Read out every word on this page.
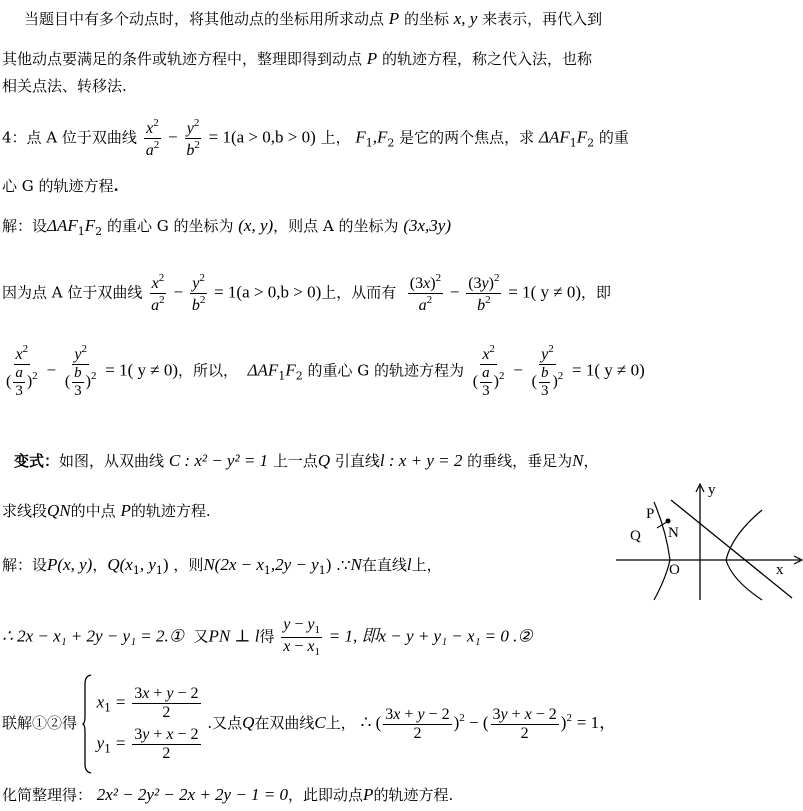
当题目中有多个动点时，将其他动点的坐标用所求动点 P 的坐标 x, y 来表示，再代入到
其他动点要满足的条件或轨迹方程中，整理即得到动点 P 的轨迹方程，称之代入法，也称
相关点法、转移法.
4：点 A 位于双曲线 $\frac{x^2}{a^2} - \frac{y^2}{b^2} = 1(a > 0,b > 0)$ 上， $F_1,F_2$ 是它的两个焦点，求 $\Delta AF_1F_2$ 的重
心 G 的轨迹方程.
解：设$\Delta AF_1F_2$ 的重心 G 的坐标为 (x, y)，则点 A 的坐标为 (3x,3y)
因为点 A 位于双曲线 $\frac{x^2}{a^2} - \frac{y^2}{b^2} = 1(a > 0,b > 0)$上，从而有 $\frac{(3x)^2}{a^2} - \frac{(3y)^2}{b^2} = 1$( y ≠ 0)，即
$\frac{x^2}{( \frac{a}{3} )^2} - \frac{y^2}{( \frac{b}{3} )^2} = 1$( y ≠ 0)，所以， $\Delta AF_1F_2$ 的重心 G 的轨迹方程为 $\frac{x^2}{( \frac{a}{3} )^2} - \frac{y^2}{( \frac{b}{3} )^2} = 1$( y ≠ 0)
变式：如图，从双曲线 C : x² − y² = 1 上一点Q 引直线l : x + y = 2 的垂线，垂足为N，
求线段QN的中点 P的轨迹方程.
解：设P(x, y)，$Q(x_1$, $y_1$) ，则$N(2x - x_1,2y - y_1)$ .∵N在直线l上，
∴ 2x − x₁ + 2y − y₁ = 2.① 又PN ⊥ l得 $\frac{y - y_1}{x - x_1} = 1$, 即x − y + y₁ − x₁ = 0 .②
联解①②得
$x_1 = \frac{3x + y - 2}{2}$
$y_1 = \frac{3y + x - 2}{2}$
.又点Q在双曲线C上， ∴ ( $\frac{3x + y - 2}{2} )^2$ − ( $\frac{3y + x - 2}{2} )^2 = 1$，
化简整理得： 2x² − 2y² − 2x + 2y − 1 = 0，此即动点P的轨迹方程.
y
x
O
P
N
Q
